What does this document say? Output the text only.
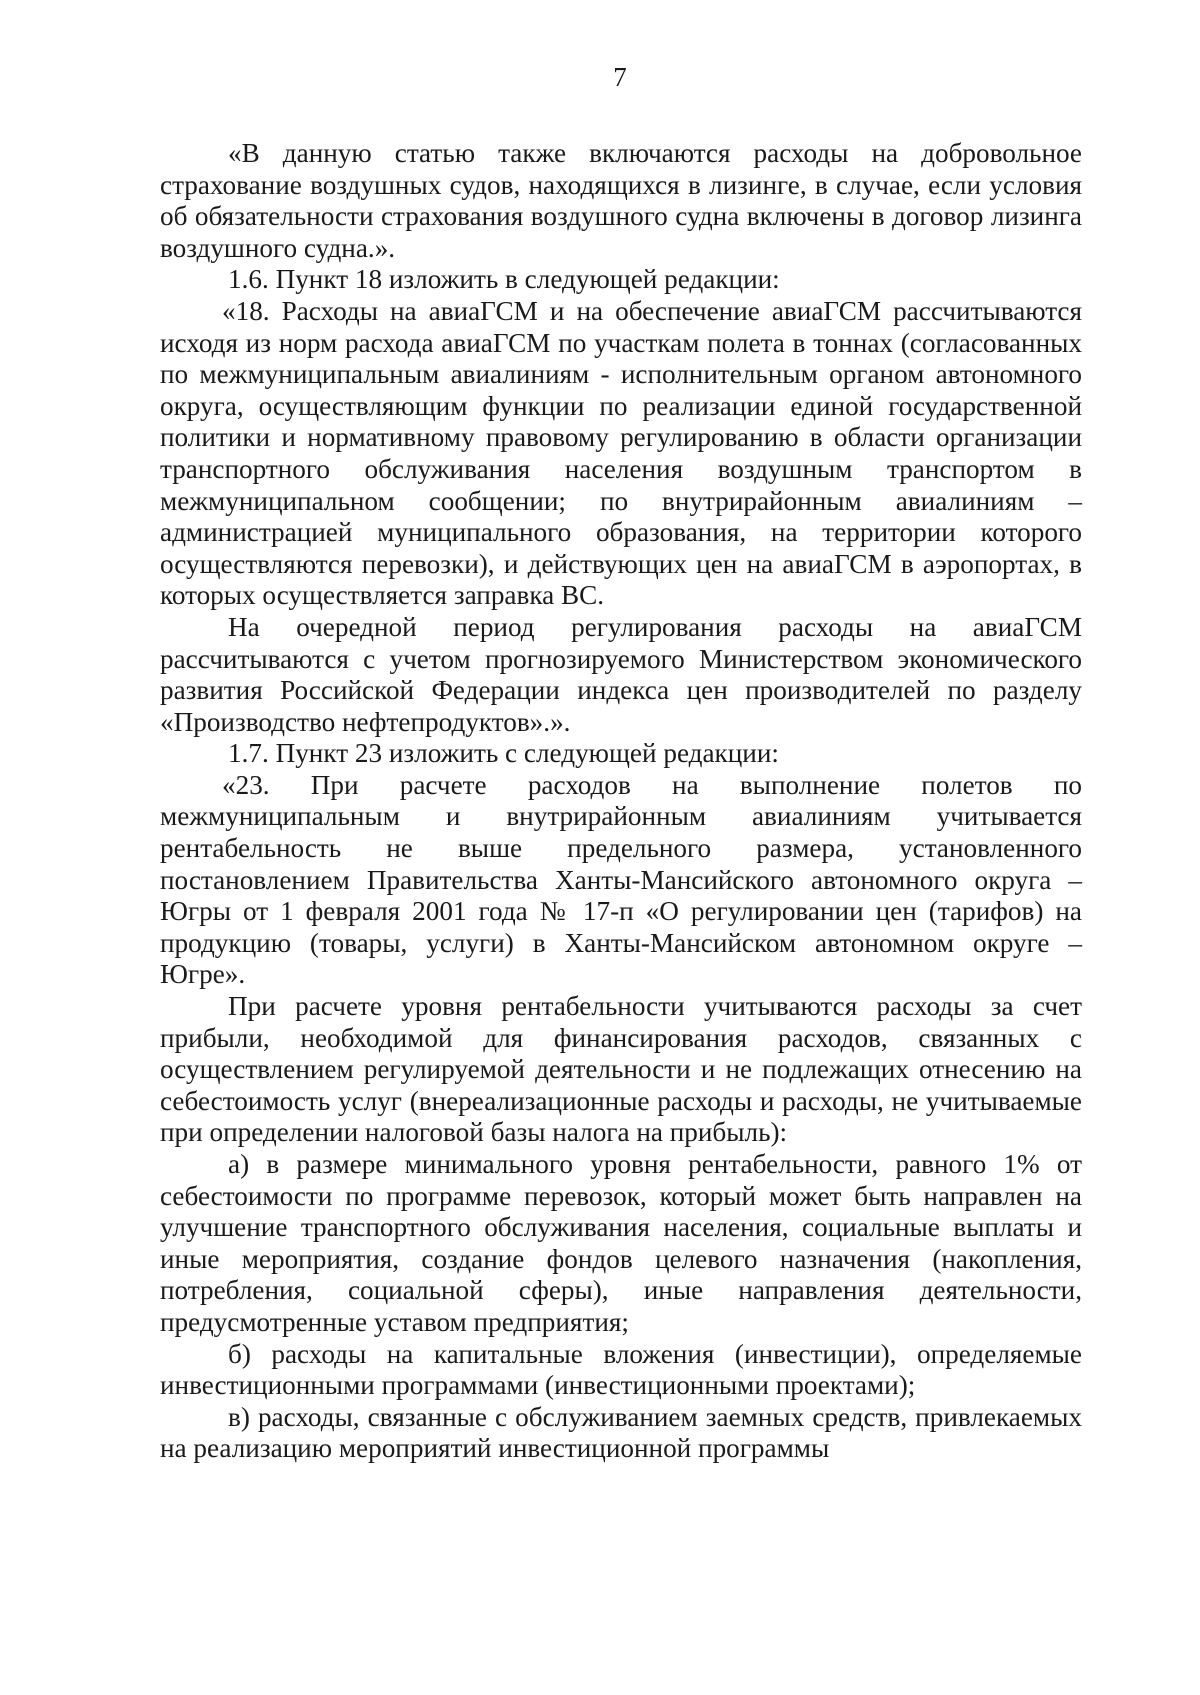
7

«В данную статью также включаются расходы на добровольное страхование воздушных судов, находящихся в лизинге, в случае, если условия об обязательности страхования воздушного судна включены в договор лизинга воздушного судна.».

1.6. Пункт 18 изложить в следующей редакции:

«18. Расходы на авиаГСМ и на обеспечение авиаГСМ рассчитываются исходя из норм расхода авиаГСМ по участкам полета в тоннах (согласованных по межмуниципальным авиалиниям - исполнительным органом автономного округа, осуществляющим функции по реализации единой государственной политики и нормативному правовому регулированию в области организации транспортного обслуживания населения воздушным транспортом в межмуниципальном сообщении; по внутрирайонным авиалиниям – администрацией муниципального образования, на территории которого осуществляются перевозки), и действующих цен на авиаГСМ в аэропортах, в которых осуществляется заправка ВС.

На очередной период регулирования расходы на авиаГСМ рассчитываются с учетом прогнозируемого Министерством экономического развития Российской Федерации индекса цен производителей по разделу «Производство нефтепродуктов».».

1.7. Пункт 23 изложить с следующей редакции:

«23. При расчете расходов на выполнение полетов по межмуниципальным и внутрирайонным авиалиниям учитывается рентабельность не выше предельного размера, установленного постановлением Правительства Ханты-Мансийского автономного округа – Югры от 1 февраля 2001 года № 17-п «О регулировании цен (тарифов) на продукцию (товары, услуги) в Ханты-Мансийском автономном округе – Югре».

При расчете уровня рентабельности учитываются расходы за счет прибыли, необходимой для финансирования расходов, связанных с осуществлением регулируемой деятельности и не подлежащих отнесению на себестоимость услуг (внереализационные расходы и расходы, не учитываемые при определении налоговой базы налога на прибыль):

а) в размере минимального уровня рентабельности, равного 1% от себестоимости по программе перевозок, который может быть направлен на улучшение транспортного обслуживания населения, социальные выплаты и иные мероприятия, создание фондов целевого назначения (накопления, потребления, социальной сферы), иные направления деятельности, предусмотренные уставом предприятия;

б) расходы на капитальные вложения (инвестиции), определяемые инвестиционными программами (инвестиционными проектами);

в) расходы, связанные с обслуживанием заемных средств, привлекаемых на реализацию мероприятий инвестиционной программы
